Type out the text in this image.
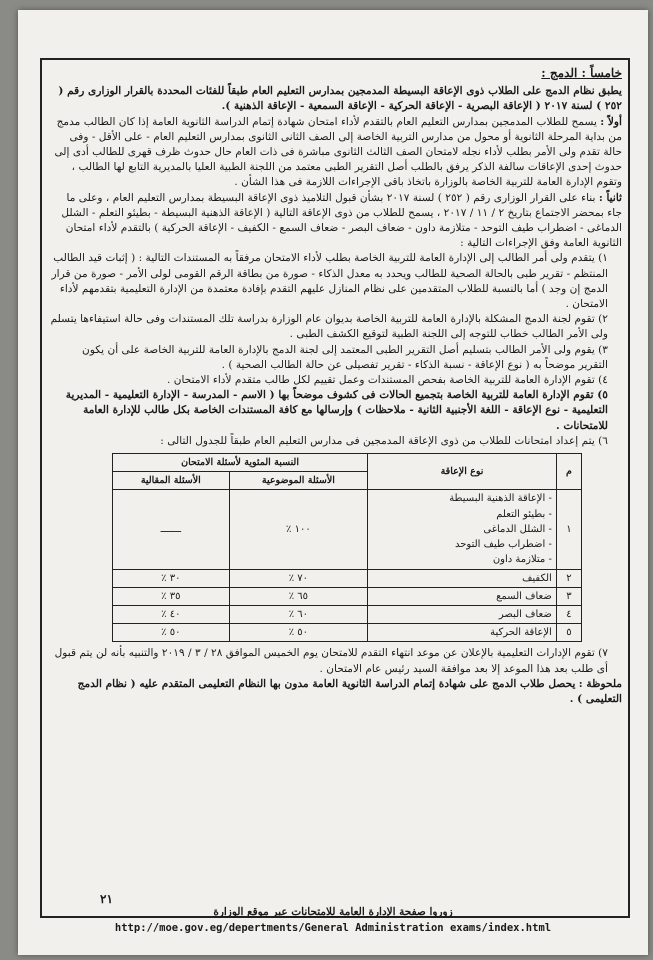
خامساً : الدمج :

يطبق نظام الدمج على الطلاب ذوى الإعاقة البسيطة المدمجين بمدارس التعليم العام طبقاً للفئات المحددة بالقرار الوزارى رقم ( ٢٥٢ ) لسنة ٢٠١٧ ( الإعاقة البصرية - الإعاقة الحركية - الإعاقة السمعية - الإعاقة الذهنية ).

أولاً : يسمح للطلاب المدمجين بمدارس التعليم العام بالتقدم لأداء امتحان شهادة إتمام الدراسة الثانوية العامة إذا كان الطالب مدمج من بداية المرحلة الثانوية أو محول من مدارس التربية الخاصة إلى الصف الثانى الثانوى بمدارس التعليم العام - على الأقل - وفى حالة تقدم ولى الأمر بطلب لأداء نجله لامتحان الصف الثالث الثانوى مباشرة فى ذات العام حال حدوث ظرف قهرى للطالب أدى إلى حدوث إحدى الإعاقات سالفة الذكر يرفق بالطلب أصل التقرير الطبى معتمد من اللجنة الطبية العليا بالمديرية التابع لها الطالب ، وتقوم الإدارة العامة للتربية الخاصة بالوزارة باتخاذ باقى الإجراءات اللازمة فى هذا الشأن .

ثانياً : بناء على القرار الوزارى رقم ( ٢٥٢ ) لسنة ٢٠١٧ بشأن قبول التلاميذ ذوى الإعاقة البسيطة بمدارس التعليم العام ، وعلى ما جاء بمحضر الاجتماع بتاريخ ٢ / ١١ / ٢٠١٧ ، يسمح للطلاب من ذوى الإعاقة التالية ( الإعاقة الذهنية البسيطة - بطيئو التعلم - الشلل الدماغى - اضطراب طيف التوحد - متلازمة داون - ضعاف البصر - ضعاف السمع - الكفيف - الإعاقة الحركية ) بالتقدم لأداء امتحان الثانوية العامة وفق الإجراءات التالية :

١) يتقدم ولى أمر الطالب إلى الإدارة العامة للتربية الخاصة بطلب لأداء الامتحان مرفقاً به المستندات التالية : ( إثبات قيد الطالب المنتظم - تقرير طبى بالحالة الصحية للطالب ويحدد به معدل الذكاء - صورة من بطاقة الرقم القومى لولى الأمر - صورة من قرار الدمج إن وجد ) أما بالنسبة للطلاب المتقدمين على نظام المنازل عليهم التقدم بإفادة معتمدة من الإدارة التعليمية بتقدمهم لأداء الامتحان .

٢) تقوم لجنة الدمج المشكلة بالإدارة العامة للتربية الخاصة بديوان عام الوزارة بدراسة تلك المستندات وفى حالة استيفاءها يتسلم ولى الأمر الطالب خطاب للتوجه إلى اللجنة الطبية لتوقيع الكشف الطبى .

٣) يقوم ولى الأمر الطالب بتسليم أصل التقرير الطبى المعتمد إلى لجنة الدمج بالإدارة العامة للتربية الخاصة على أن يكون التقرير موضحاً به ( نوع الإعاقة - نسبة الذكاء - تقرير تفصيلى عن حالة الطالب الصحية ) .

٤) تقوم الإدارة العامة للتربية الخاصة بفحص المستندات وعمل تقييم لكل طالب متقدم لأداء الامتحان .

٥) تقوم الإدارة العامة للتربية الخاصة بتجميع الحالات فى كشوف موضحاً بها ( الاسم - المدرسة - الإدارة التعليمية - المديرية التعليمية - نوع الإعاقة - اللغة الأجنبية الثانية - ملاحظات ) وإرسالها مع كافة المستندات الخاصة بكل طالب للإدارة العامة للامتحانات .

٦) يتم إعداد امتحانات للطلاب من ذوى الإعاقة المدمجين فى مدارس التعليم العام طبقاً للجدول التالى :

م	نوع الإعاقة	النسبة المئوية لأسئلة الامتحان	
		الأسئلة الموضوعية	الأسئلة المقالية
١	- الإعاقة الذهنية البسيطة
- بطيئو التعلم
- الشلل الدماغى
- اضطراب طيف التوحد
- متلازمة داون	١٠٠ ٪	ـــــــ
٢	الكفيف	٧٠ ٪	٣٠ ٪
٣	ضعاف السمع	٦٥ ٪	٣٥ ٪
٤	ضعاف البصر	٦٠ ٪	٤٠ ٪
٥	الإعاقة الحركية	٥٠ ٪	٥٠ ٪

٧) تقوم الإدارات التعليمية بالإعلان عن موعد انتهاء التقدم للامتحان يوم الخميس الموافق ٢٨ / ٣ / ٢٠١٩ والتنبيه بأنه لن يتم قبول أى طلب بعد هذا الموعد إلا بعد موافقة السيد رئيس عام الامتحان .

ملحوظة : يحصل طلاب الدمج على شهادة إتمام الدراسة الثانوية العامة مدون بها النظام التعليمى المتقدم عليه ( نظام الدمج التعليمى ) .

٢١
زوروا صفحة الإدارة العامة للامتحانات عبر موقع الوزارة
http://moe.gov.eg/depertments/General Administration exams/index.html
